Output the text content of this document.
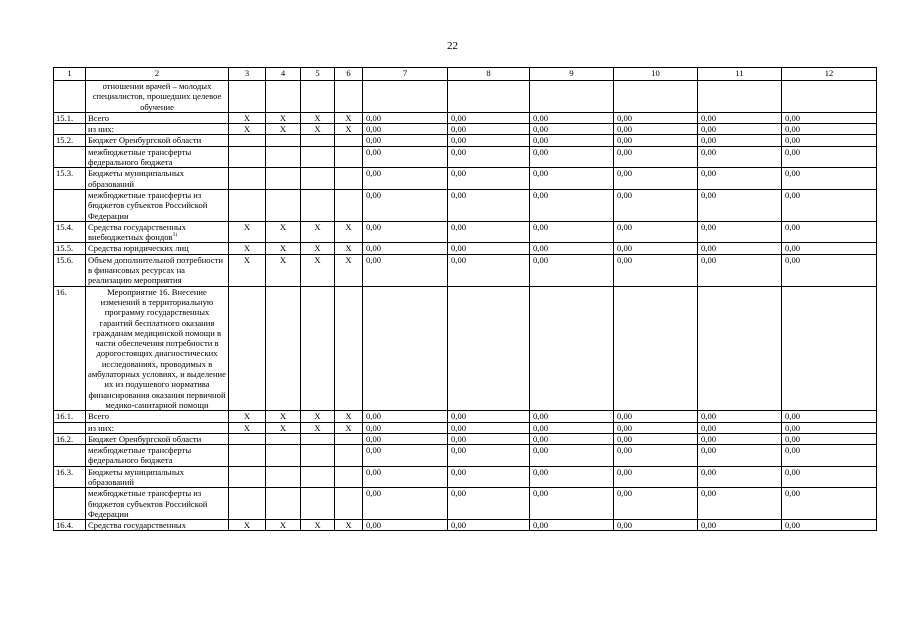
22
1	2	3	4	5	6	7	8	9	10	11	12
	отношении врачей – молодых специалистов, прошедших целевое обучение										
15.1.	Всего	X	X	X	X	0,00	0,00	0,00	0,00	0,00	0,00
	из них:	X	X	X	X	0,00	0,00	0,00	0,00	0,00	0,00
15.2.	Бюджет Оренбургской области					0,00	0,00	0,00	0,00	0,00	0,00
	межбюджетные трансферты федерального бюджета					0,00	0,00	0,00	0,00	0,00	0,00
15.3.	Бюджеты муниципальных образований					0,00	0,00	0,00	0,00	0,00	0,00
	межбюджетные трансферты из бюджетов субъектов Российской Федерации					0,00	0,00	0,00	0,00	0,00	0,00
15.4.	Средства государственных внебюджетных фондов$^{3)}$	X	X	X	X	0,00	0,00	0,00	0,00	0,00	0,00
15.5.	Средства юридических лиц	X	X	X	X	0,00	0,00	0,00	0,00	0,00	0,00
15.6.	Объем дополнительной потребности в финансовых ресурсах на реализацию мероприятия	X	X	X	X	0,00	0,00	0,00	0,00	0,00	0,00
16.	Мероприятие 16. Внесение изменений в территориальную программу государственных гарантий бесплатного оказания гражданам медицинской помощи в части обеспечения потребности в дорогостоящих диагностических исследованиях, проводимых в амбулаторных условиях, и выделение их из подушевого норматива финансирования оказания первичной медико-санитарной помощи										
16.1.	Всего	X	X	X	X	0,00	0,00	0,00	0,00	0,00	0,00
	из них:	X	X	X	X	0,00	0,00	0,00	0,00	0,00	0,00
16.2.	Бюджет Оренбургской области					0,00	0,00	0,00	0,00	0,00	0,00
	межбюджетные трансферты федерального бюджета					0,00	0,00	0,00	0,00	0,00	0,00
16.3.	Бюджеты муниципальных образований					0,00	0,00	0,00	0,00	0,00	0,00
	межбюджетные трансферты из бюджетов субъектов Российской Федерации					0,00	0,00	0,00	0,00	0,00	0,00
16.4.	Средства государственных	X	X	X	X	0,00	0,00	0,00	0,00	0,00	0,00
